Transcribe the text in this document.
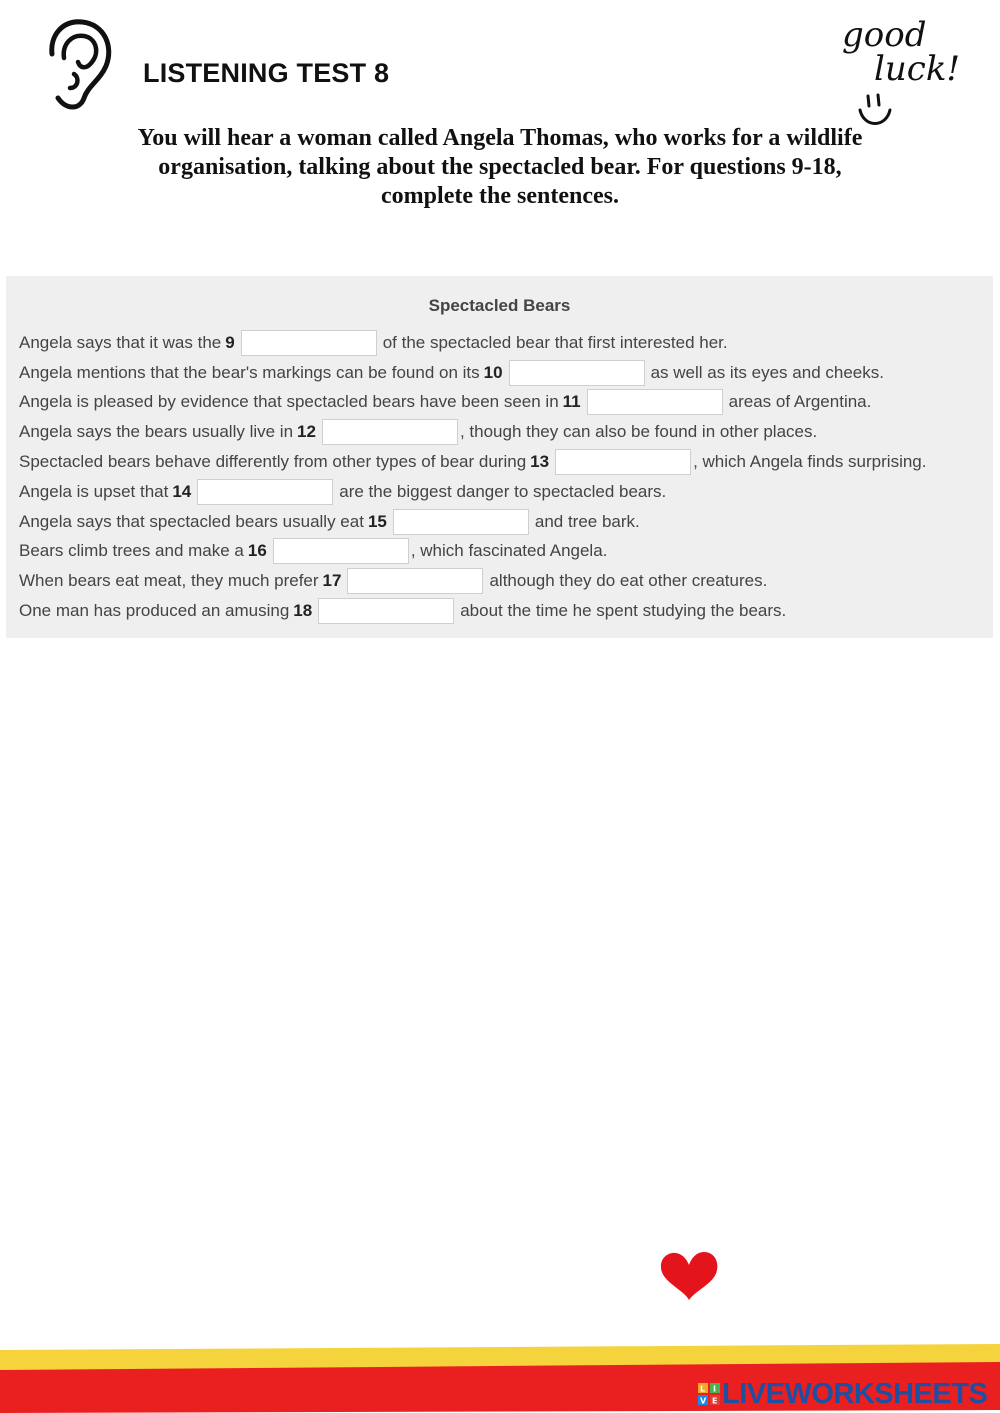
LISTENING TEST 8
good
luck!

You will hear a woman called Angela Thomas, who works for a wildlife organisation, talking about the spectacled bear. For questions 9-18, complete the sentences.

Spectacled Bears
Angela says that it was the 9	of the spectacled bear that first interested her.
Angela mentions that the bear's markings can be found on its 10	as well as its eyes and cheeks.
Angela is pleased by evidence that spectacled bears have been seen in 11	areas of Argentina.
Angela says the bears usually live in 12	, though they can also be found in other places.
Spectacled bears behave differently from other types of bear during 13	, which Angela finds surprising.
Angela is upset that 14	are the biggest danger to spectacled bears.
Angela says that spectacled bears usually eat 15	and tree bark.
Bears climb trees and make a 16	, which fascinated Angela.
When bears eat meat, they much prefer 17	although they do eat other creatures.
One man has produced an amusing 18	about the time he spent studying the bears.
L I
V E LIVEWORKSHEETS
